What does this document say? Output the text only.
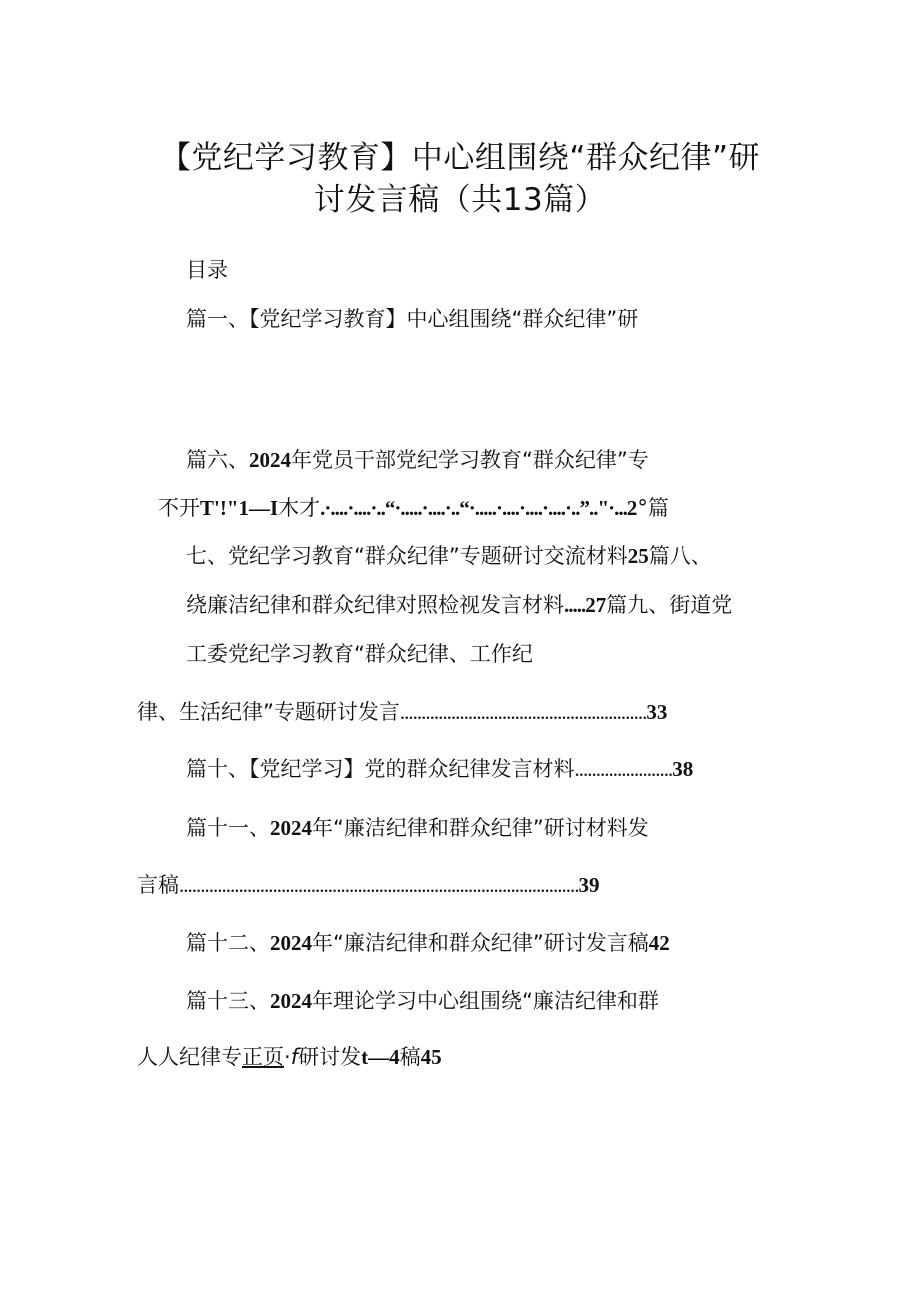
【党纪学习教育】中心组围绕“群众纪律”研
讨发言稿（共13篇）
目录
篇一、【党纪学习教育】中心组围绕“群众纪律”研
篇六、2024年党员干部党纪学习教育“群众纪律”专
不开T'!"1—I木才.·....·....·..“·.....·....·..“·.....·....·....·....·..”.."·...2°篇
七、党纪学习教育“群众纪律”专题研讨交流材料25篇八、
绕廉洁纪律和群众纪律对照检视发言材料.....27篇九、街道党
工委党纪学习教育“群众纪律、工作纪
律、生活纪律”专题研讨发言..........................................................33
篇十、【党纪学习】党的群众纪律发言材料.......................38
篇十一、2024年“廉洁纪律和群众纪律”研讨材料发
言稿..............................................................................................39
篇十二、2024年“廉洁纪律和群众纪律”研讨发言稿42
篇十三、2024年理论学习中心组围绕“廉洁纪律和群
人人纪律专正页·f研讨发t—4稿45
